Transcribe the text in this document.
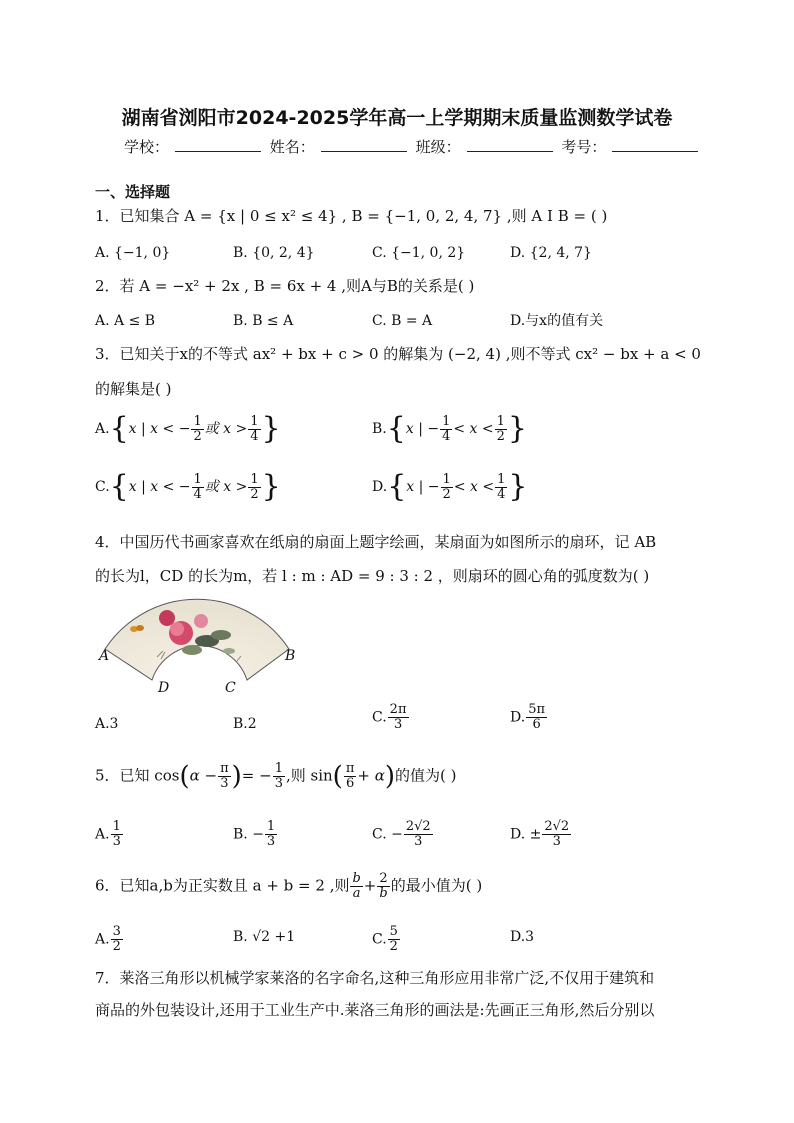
湖南省浏阳市2024-2025学年高一上学期期末质量监测数学试卷
学校：	姓名：	班级：	考号：
一、选择题
1．已知集合 A = {x | 0 ≤ x² ≤ 4} , B = {−1, 0, 2, 4, 7} ,则 A I B = ( )
A. {−1, 0}	B. {0, 2, 4}	C. {−1, 0, 2}	D. {2, 4, 7}
2．若 A = −x² + 2x , B = 6x + 4 ,则A与B的关系是( )
A. A ≤ B	B. B ≤ A	C. B = A	D.与x的值有关
3．已知关于x的不等式 ax² + bx + c > 0 的解集为 (−2, 4) ,则不等式 cx² − bx + a < 0
的解集是( )
A.{x | x < − $\frac{1}{2}$ 或 $x > \frac{1}{4}$ }	B.{x | − $\frac{1}{4} < x < \frac{1}{2}$ }
C.{x | x < − $\frac{1}{4}$ 或 $x > \frac{1}{2}$ }	D.{x | − $\frac{1}{2} < x < \frac{1}{4}$ }
4．中国历代书画家喜欢在纸扇的扇面上题字绘画，某扇面为如图所示的扇环，记 AB
的长为l，CD 的长为m，若 l : m : AD = 9 : 3 : 2 ，则扇环的圆心角的弧度数为( )
A	B
D	C
A.3	B.2	C. $\frac{2\pi}{3}$	D. $\frac{5\pi}{6}$
5．已知 $\cos(\alpha - \frac{\pi}{3}$ )= − $\frac{1}{3}$ ,则 $\sin( \frac{\pi}{6} + \alpha)$的值为( )
A. $\frac{1}{3}$	B. − $\frac{1}{3}$	C. − $\frac{2√2}{3}$	D. ± $\frac{2√2}{3}$
6．已知a,b为正实数且 a + b = 2 ,则 $\frac{b}{a} + \frac{2}{b}$ 的最小值为( )
A. $\frac{3}{2}$	B. √2 +1	C. $\frac{5}{2}$	D.3
7．莱洛三角形以机械学家莱洛的名字命名,这种三角形应用非常广泛,不仅用于建筑和
商品的外包装设计,还用于工业生产中.莱洛三角形的画法是:先画正三角形,然后分别以
